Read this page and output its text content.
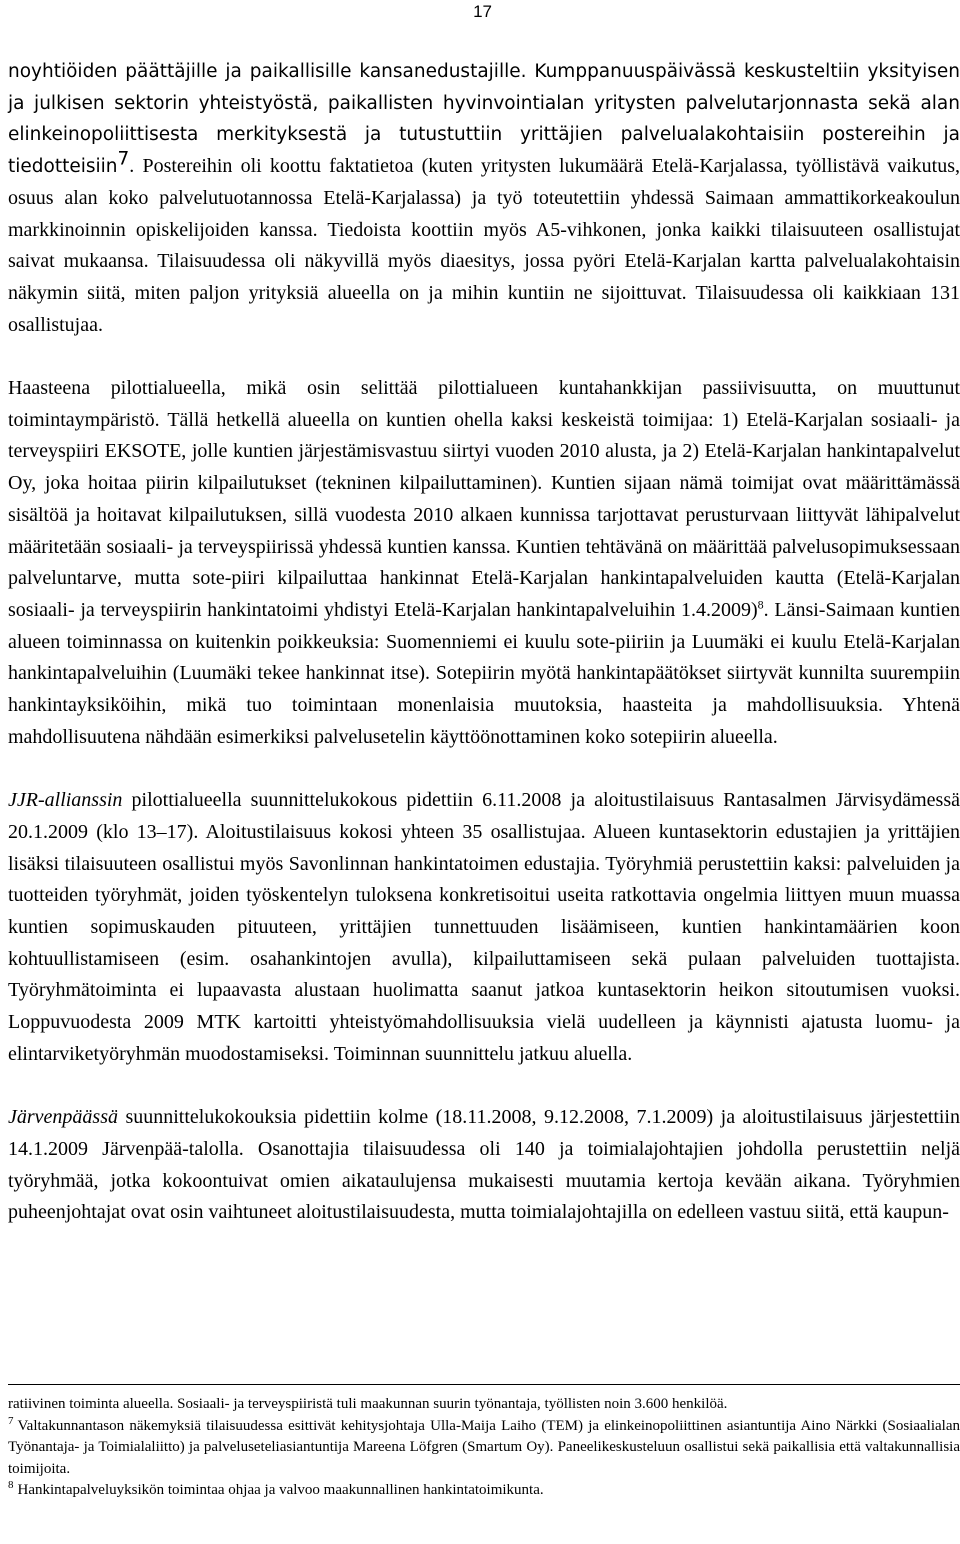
17

noyhtiöiden päättäjille ja paikallisille kansanedustajille. Kumppanuuspäivässä keskusteltiin yksityisen ja julkisen sektorin yhteistyöstä, paikallisten hyvinvointialan yritysten palvelutarjonnasta sekä alan elinkeinopoliittisesta merkityksestä ja tutustuttiin yrittäjien palvelualakohtaisiin postereihin ja tiedotteisiin$^7$. Postereihin oli koottu faktatietoa (kuten yritysten lukumäärä Etelä-Karjalassa, työllistävä vaikutus, osuus alan koko palvelutuotannossa Etelä-Karjalassa) ja työ toteutettiin yhdessä Saimaan ammattikorkeakoulun markkinoinnin opiskelijoiden kanssa. Tiedoista koottiin myös A5-vihkonen, jonka kaikki tilaisuuteen osallistujat saivat mukaansa. Tilaisuudessa oli näkyvillä myös diaesitys, jossa pyöri Etelä-Karjalan kartta palvelualakohtaisin näkymin siitä, miten paljon yrityksiä alueella on ja mihin kuntiin ne sijoittuvat. Tilaisuudessa oli kaikkiaan 131 osallistujaa.

Haasteena pilottialueella, mikä osin selittää pilottialueen kuntahankkijan passiivisuutta, on muuttunut toimintaympäristö. Tällä hetkellä alueella on kuntien ohella kaksi keskeistä toimijaa: 1) Etelä-Karjalan sosiaali- ja terveyspiiri EKSOTE, jolle kuntien järjestämisvastuu siirtyi vuoden 2010 alusta, ja 2) Etelä-Karjalan hankintapalvelut Oy, joka hoitaa piirin kilpailutukset (tekninen kilpailuttaminen). Kuntien sijaan nämä toimijat ovat määrittämässä sisältöä ja hoitavat kilpailutuksen, sillä vuodesta 2010 alkaen kunnissa tarjottavat perusturvaan liittyvät lähipalvelut määritetään sosiaali- ja terveyspiirissä yhdessä kuntien kanssa. Kuntien tehtävänä on määrittää palvelusopimuksessaan palveluntarve, mutta sote-piiri kilpailuttaa hankinnat Etelä-Karjalan hankintapalveluiden kautta (Etelä-Karjalan sosiaali- ja terveyspiirin hankintatoimi yhdistyi Etelä-Karjalan hankintapalveluihin 1.4.2009)$^8$. Länsi-Saimaan kuntien alueen toiminnassa on kuitenkin poikkeuksia: Suomenniemi ei kuulu sote-piiriin ja Luumäki ei kuulu Etelä-Karjalan hankintapalveluihin (Luumäki tekee hankinnat itse). Sotepiirin myötä hankintapäätökset siirtyvät kunnilta suurempiin hankintayksiköihin, mikä tuo toimintaan monenlaisia muutoksia, haasteita ja mahdollisuuksia. Yhtenä mahdollisuutena nähdään esimerkiksi palvelusetelin käyttöönottaminen koko sotepiirin alueella.

JJR-allianssin pilottialueella suunnittelukokous pidettiin 6.11.2008 ja aloitustilaisuus Rantasalmen Järvisydämessä 20.1.2009 (klo 13–17). Aloitustilaisuus kokosi yhteen 35 osallistujaa. Alueen kuntasektorin edustajien ja yrittäjien lisäksi tilaisuuteen osallistui myös Savonlinnan hankintatoimen edustajia. Työryhmiä perustettiin kaksi: palveluiden ja tuotteiden työryhmät, joiden työskentelyn tuloksena konkretisoitui useita ratkottavia ongelmia liittyen muun muassa kuntien sopimuskauden pituuteen, yrittäjien tunnettuuden lisäämiseen, kuntien hankintamäärien koon kohtuullistamiseen (esim. osahankintojen avulla), kilpailuttamiseen sekä pulaan palveluiden tuottajista. Työryhmätoiminta ei lupaavasta alustaan huolimatta saanut jatkoa kuntasektorin heikon sitoutumisen vuoksi. Loppuvuodesta 2009 MTK kartoitti yhteistyömahdollisuuksia vielä uudelleen ja käynnisti ajatusta luomu- ja elintarviketyöryhmän muodostamiseksi. Toiminnan suunnittelu jatkuu aluella.

Järvenpäässä suunnittelukokouksia pidettiin kolme (18.11.2008, 9.12.2008, 7.1.2009) ja aloitustilaisuus järjestettiin 14.1.2009 Järvenpää-talolla. Osanottajia tilaisuudessa oli 140 ja toimialajohtajien johdolla perustettiin neljä työryhmää, jotka kokoontuivat omien aikataulujensa mukaisesti muutamia kertoja kevään aikana. Työryhmien puheenjohtajat ovat osin vaihtuneet aloitustilaisuudesta, mutta toimialajohtajilla on edelleen vastuu siitä, että kaupun-

ratiivinen toiminta alueella. Sosiaali- ja terveyspiiristä tuli maakunnan suurin työnantaja, työllisten noin 3.600 henkilöä.

$^7$ Valtakunnantason näkemyksiä tilaisuudessa esittivät kehitysjohtaja Ulla-Maija Laiho (TEM) ja elinkeinopoliittinen asiantuntija Aino Närkki (Sosiaalialan Työnantaja- ja Toimialaliitto) ja palveluseteliasiantuntija Mareena Löfgren (Smartum Oy). Paneelikeskusteluun osallistui sekä paikallisia että valtakunnallisia toimijoita.

$^8$ Hankintapalveluyksikön toimintaa ohjaa ja valvoo maakunnallinen hankintatoimikunta.
